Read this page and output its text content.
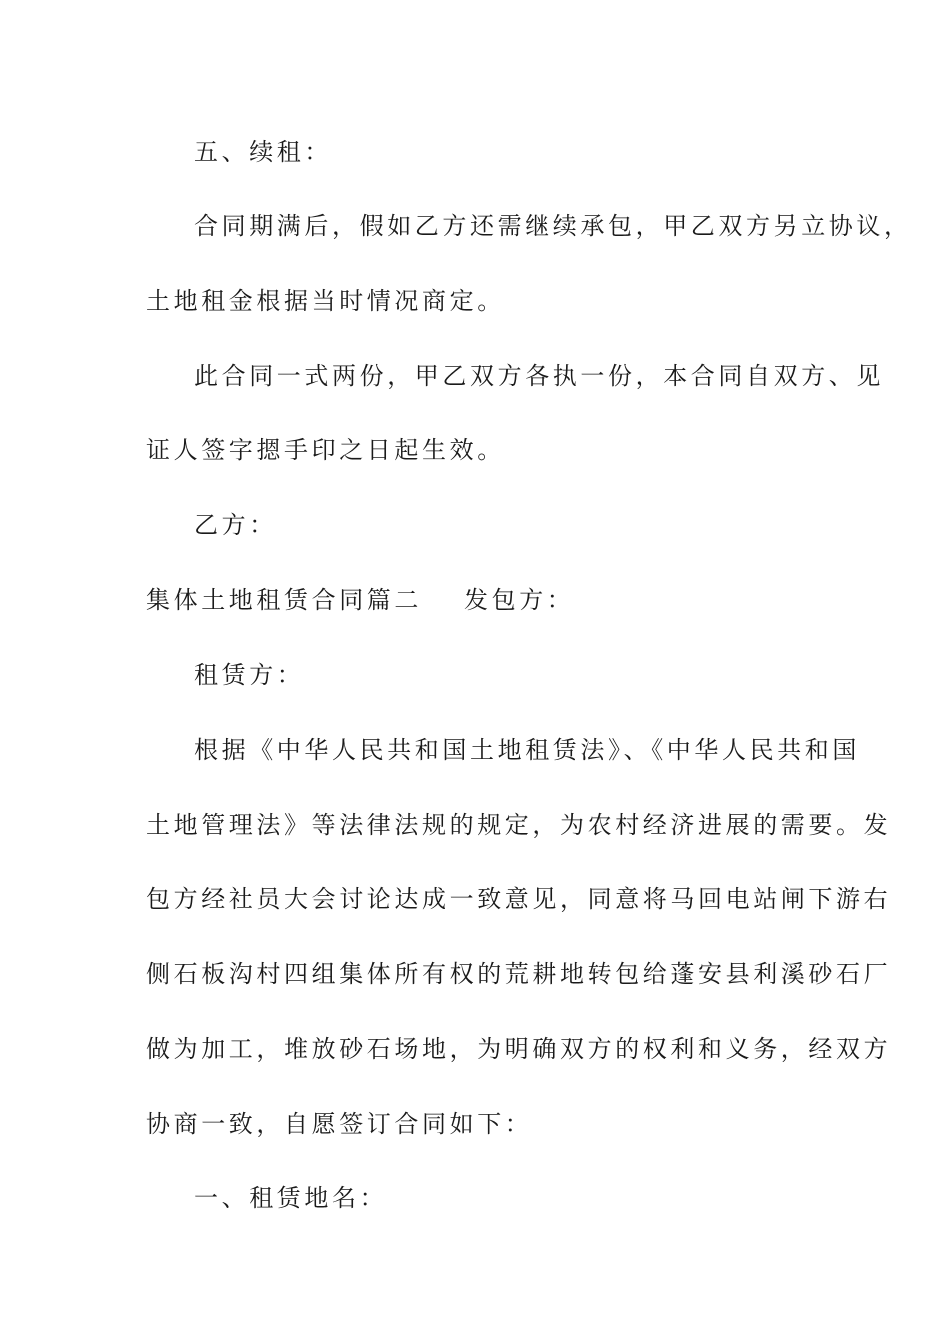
五、续租：
合同期满后，假如乙方还需继续承包，甲乙双方另立协议，
土地租金根据当时情况商定。
此合同一式两份，甲乙双方各执一份，本合同自双方、见
证人签字摁手印之日起生效。
乙方：
集体土地租赁合同篇二 发包方：
租赁方：
根据《中华人民共和国土地租赁法》、《中华人民共和国
土地管理法》等法律法规的规定，为农村经济进展的需要。发
包方经社员大会讨论达成一致意见，同意将马回电站闸下游右
侧石板沟村四组集体所有权的荒耕地转包给蓬安县利溪砂石厂
做为加工，堆放砂石场地，为明确双方的权利和义务，经双方
协商一致，自愿签订合同如下：
一、租赁地名：
